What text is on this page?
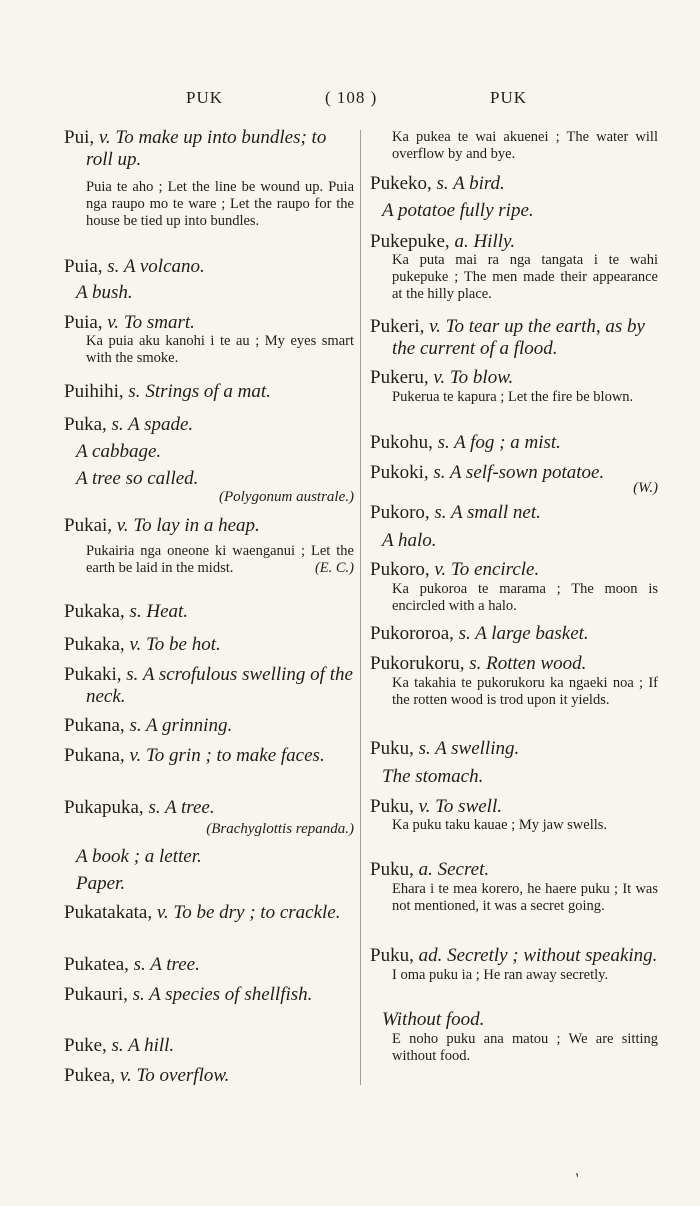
PUK	( 108 )	PUK
Pui, v. To make up into bundles; to roll up.
Puia te aho ; Let the line be wound up. Puia nga raupo mo te ware ; Let the raupo for the house be tied up into bundles.
Puia, s. A volcano.
A bush.
Puia, v. To smart.
Ka puia aku kanohi i te au ; My eyes smart with the smoke.
Puihihi, s. Strings of a mat.
Puka, s. A spade.
A cabbage.
A tree so called.
(Polygonum australe.)
Pukai, v. To lay in a heap.
Pukairia nga oneone ki waenganui ; Let the earth be laid in the midst.	(E. C.)
Pukaka, s. Heat.
Pukaka, v. To be hot.
Pukaki, s. A scrofulous swelling of the neck.
Pukana, s. A grinning.
Pukana, v. To grin ; to make faces.
Pukapuka, s. A tree.
(Brachyglottis repanda.)
A book ; a letter.
Paper.
Pukatakata, v. To be dry ; to crackle.
Pukatea, s. A tree.
Pukauri, s. A species of shellfish.
Puke, s. A hill.
Pukea, v. To overflow.
Ka pukea te wai akuenei ; The water will overflow by and bye.
Pukeko, s. A bird.
A potatoe fully ripe.
Pukepuke, a. Hilly.
Ka puta mai ra nga tangata i te wahi pukepuke ; The men made their appearance at the hilly place.
Pukeri, v. To tear up the earth, as by the current of a flood.
Pukeru, v. To blow.
Pukerua te kapura ; Let the fire be blown.
Pukohu, s. A fog ; a mist.
Pukoki, s. A self-sown potatoe.
(W.)
Pukoro, s. A small net.
A halo.
Pukoro, v. To encircle.
Ka pukoroa te marama ; The moon is encircled with a halo.
Pukororoa, s. A large basket.
Pukorukoru, s. Rotten wood.
Ka takahia te pukorukoru ka ngaeki noa ; If the rotten wood is trod upon it yields.
Puku, s. A swelling.
The stomach.
Puku, v. To swell.
Ka puku taku kauae ; My jaw swells.
Puku, a. Secret.
Ehara i te mea korero, he haere puku ; It was not mentioned, it was a secret going.
Puku, ad. Secretly ; without speaking.
I oma puku ia ; He ran away secretly.
Without food.
E noho puku ana matou ; We are sitting without food.
ʹ
